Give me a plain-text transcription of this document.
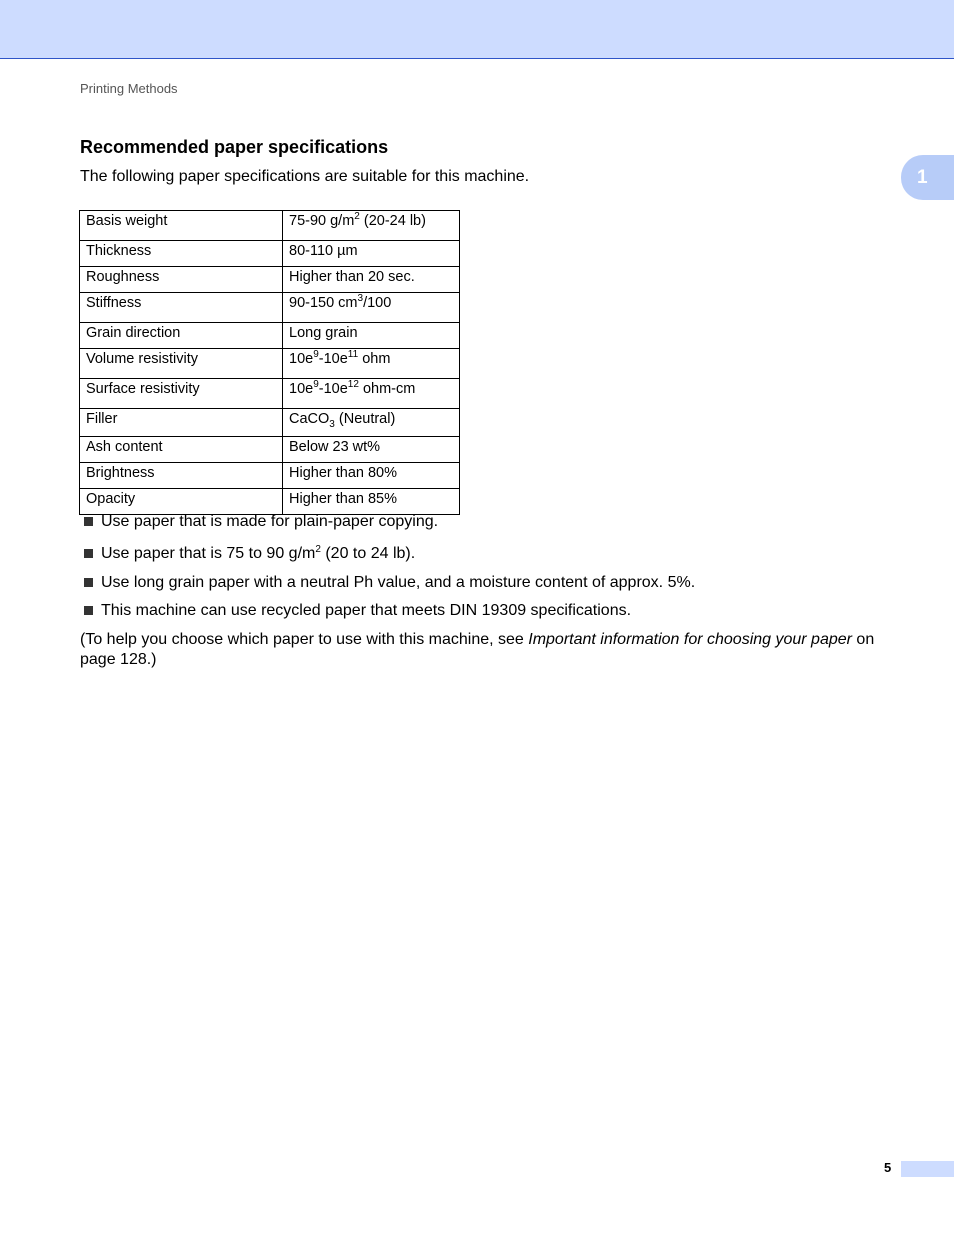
Printing Methods
1
Recommended paper specifications

The following paper specifications are suitable for this machine.

Basis weight	75-90 $g/m^2$ (20-24 lb)
Thickness	80-110 µm
Roughness	Higher than 20 sec.
Stiffness	90-150 $cm^3/100$
Grain direction	Long grain
Volume resistivity	$10e^9-10e^{11}$ ohm
Surface resistivity	$10e^9-10e^{12}$ ohm-cm
Filler	CaCO$_3$ (Neutral)
Ash content	Below 23 wt%
Brightness	Higher than 80%
Opacity	Higher than 85%
Use paper that is made for plain-paper copying.
Use paper that is 75 to 90 $g/m^2$ (20 to 24 lb).
Use long grain paper with a neutral Ph value, and a moisture content of approx. 5%.
This machine can use recycled paper that meets DIN 19309 specifications.

(To help you choose which paper to use with this machine, see Important information for choosing your paper on page 128.)

5
